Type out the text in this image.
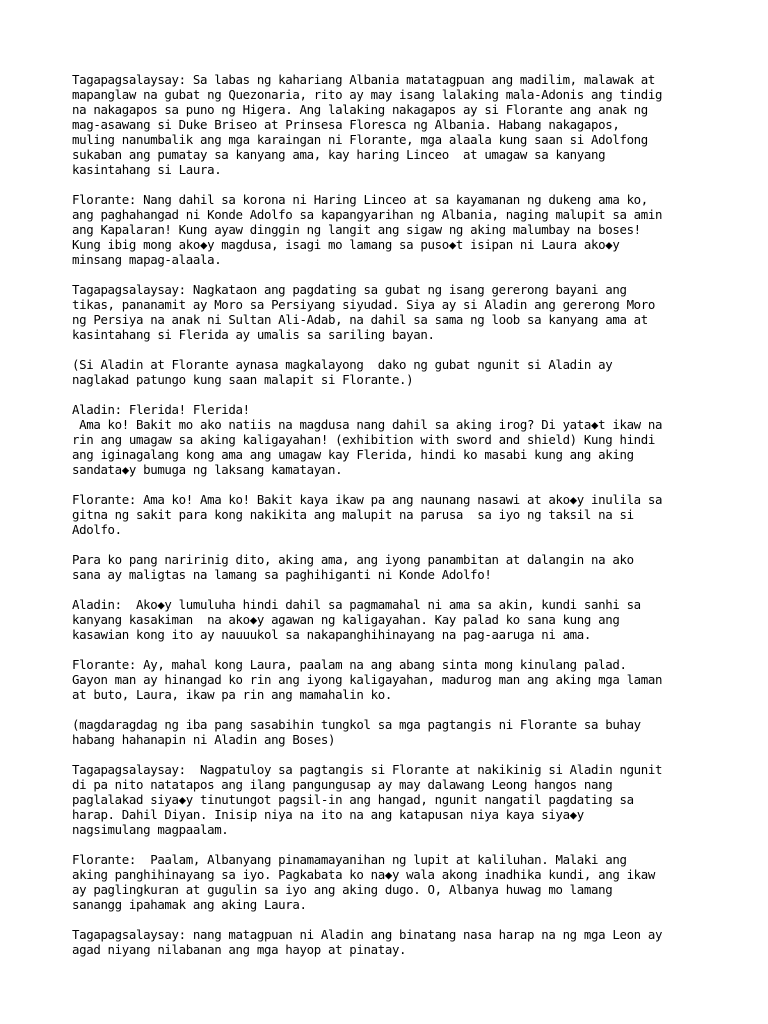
Tagapagsalaysay: Sa labas ng kahariang Albania matatagpuan ang madilim, malawak at
mapanglaw na gubat ng Quezonaria, rito ay may isang lalaking mala-Adonis ang tindig
na nakagapos sa puno ng Higera. Ang lalaking nakagapos ay si Florante ang anak ng
mag-asawang si Duke Briseo at Prinsesa Floresca ng Albania. Habang nakagapos,
muling nanumbalik ang mga karaingan ni Florante, mga alaala kung saan si Adolfong
sukaban ang pumatay sa kanyang ama, kay haring Linceo  at umagaw sa kanyang
kasintahang si Laura.
Florante: Nang dahil sa korona ni Haring Linceo at sa kayamanan ng dukeng ama ko,
ang paghahangad ni Konde Adolfo sa kapangyarihan ng Albania, naging malupit sa amin
ang Kapalaran! Kung ayaw dinggin ng langit ang sigaw ng aking malumbay na boses!
Kung ibig mong ako◆y magdusa, isagi mo lamang sa puso◆t isipan ni Laura ako◆y
minsang mapag-alaala.
Tagapagsalaysay: Nagkataon ang pagdating sa gubat ng isang gererong bayani ang
tikas, pananamit ay Moro sa Persiyang siyudad. Siya ay si Aladin ang gererong Moro
ng Persiya na anak ni Sultan Ali-Adab, na dahil sa sama ng loob sa kanyang ama at
kasintahang si Flerida ay umalis sa sariling bayan.
(Si Aladin at Florante aynasa magkalayong  dako ng gubat ngunit si Aladin ay
naglakad patungo kung saan malapit si Florante.)
Aladin: Flerida! Flerida!
Ama ko! Bakit mo ako natiis na magdusa nang dahil sa aking irog? Di yata◆t ikaw na
rin ang umagaw sa aking kaligayahan! (exhibition with sword and shield) Kung hindi
ang iginagalang kong ama ang umagaw kay Flerida, hindi ko masabi kung ang aking
sandata◆y bumuga ng laksang kamatayan.
Florante: Ama ko! Ama ko! Bakit kaya ikaw pa ang naunang nasawi at ako◆y inulila sa
gitna ng sakit para kong nakikita ang malupit na parusa  sa iyo ng taksil na si
Adolfo.
Para ko pang naririnig dito, aking ama, ang iyong panambitan at dalangin na ako
sana ay maligtas na lamang sa paghihiganti ni Konde Adolfo!
Aladin:  Ako◆y lumuluha hindi dahil sa pagmamahal ni ama sa akin, kundi sanhi sa
kanyang kasakiman  na ako◆y agawan ng kaligayahan. Kay palad ko sana kung ang
kasawian kong ito ay nauuukol sa nakapanghihinayang na pag-aaruga ni ama.
Florante: Ay, mahal kong Laura, paalam na ang abang sinta mong kinulang palad.
Gayon man ay hinangad ko rin ang iyong kaligayahan, madurog man ang aking mga laman
at buto, Laura, ikaw pa rin ang mamahalin ko.
(magdaragdag ng iba pang sasabihin tungkol sa mga pagtangis ni Florante sa buhay
habang hahanapin ni Aladin ang Boses)
Tagapagsalaysay:  Nagpatuloy sa pagtangis si Florante at nakikinig si Aladin ngunit
di pa nito natatapos ang ilang pangungusap ay may dalawang Leong hangos nang
paglalakad siya◆y tinutungot pagsil-in ang hangad, ngunit nangatil pagdating sa
harap. Dahil Diyan. Inisip niya na ito na ang katapusan niya kaya siya◆y
nagsimulang magpaalam.
Florante:  Paalam, Albanyang pinamamayanihan ng lupit at kaliluhan. Malaki ang
aking panghihinayang sa iyo. Pagkabata ko na◆y wala akong inadhika kundi, ang ikaw
ay paglingkuran at gugulin sa iyo ang aking dugo. O, Albanya huwag mo lamang
sanangg ipahamak ang aking Laura.
Tagapagsalaysay: nang matagpuan ni Aladin ang binatang nasa harap na ng mga Leon ay
agad niyang nilabanan ang mga hayop at pinatay.
